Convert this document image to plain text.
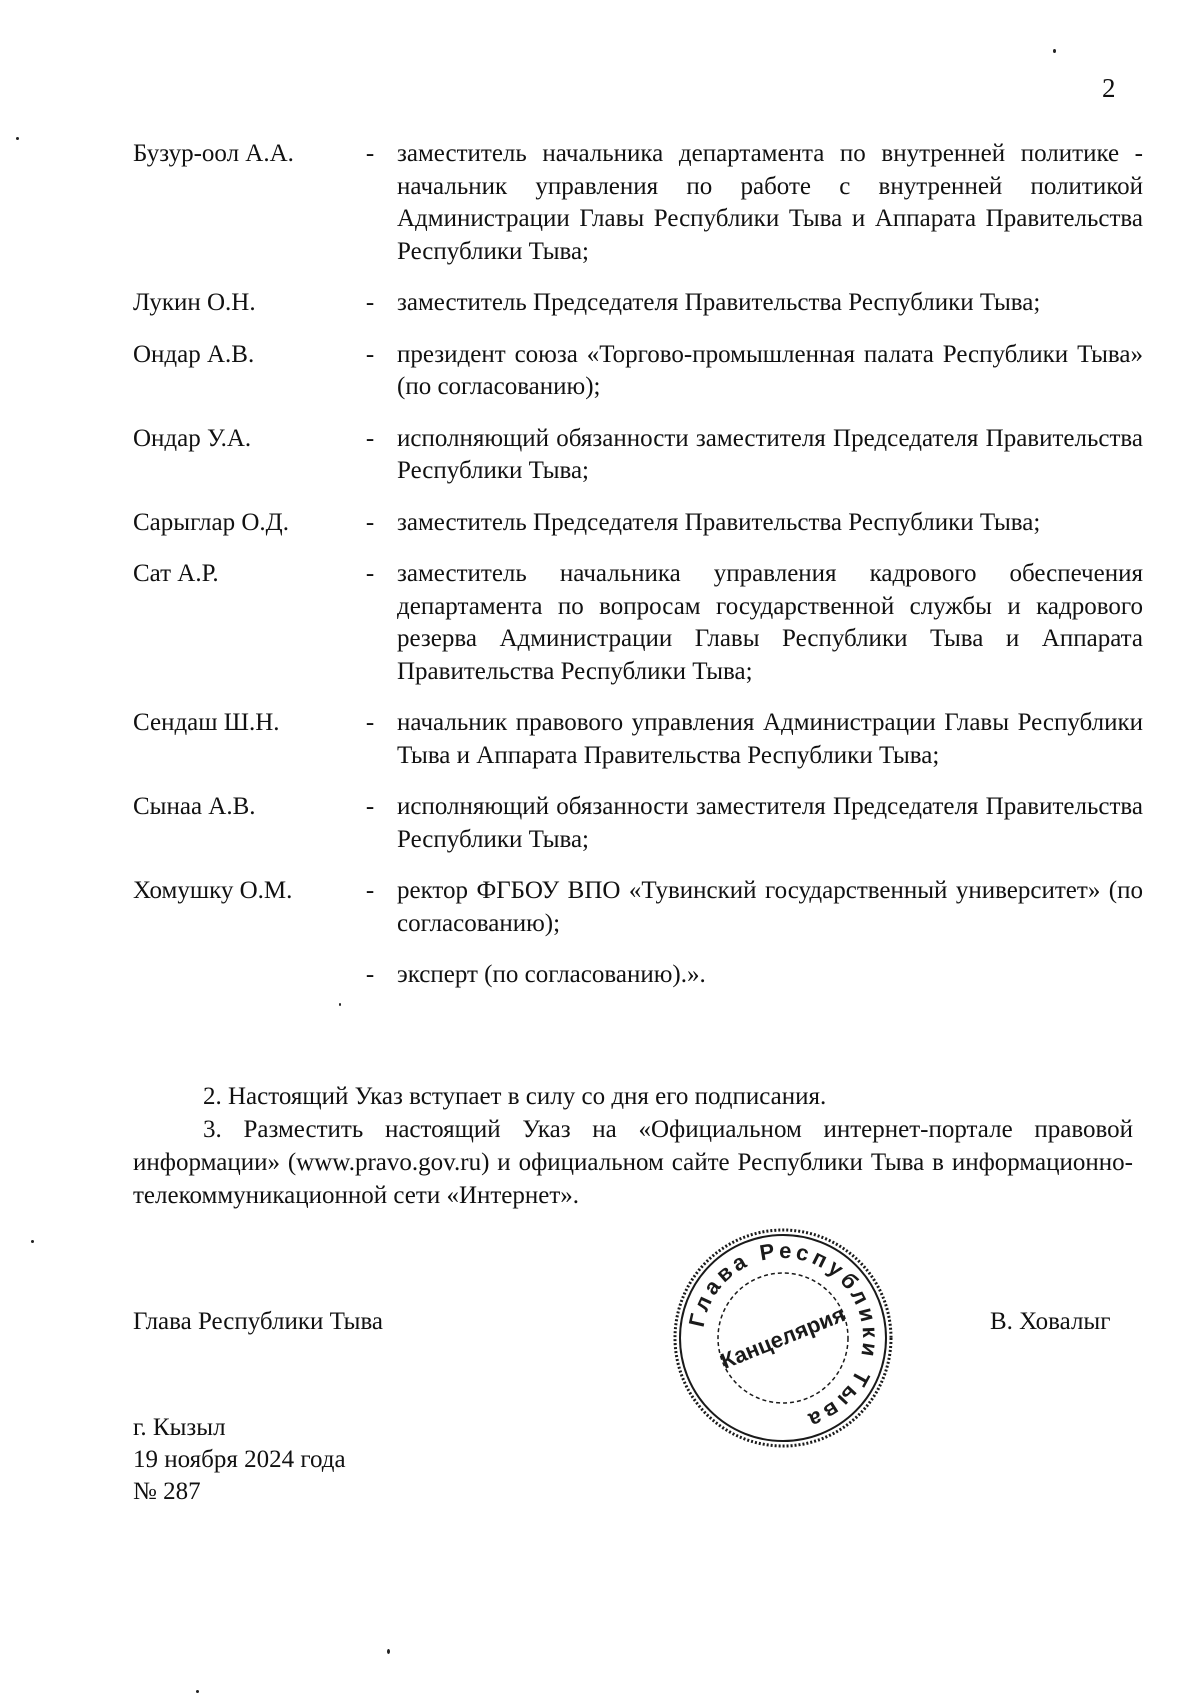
2
Бузур-оол А.А.	- заместитель начальника департамента по внутренней политике - начальник управления по работе с внутренней политикой Администрации Главы Республики Тыва и Аппарата Правительства Республики Тыва;
Лукин О.Н.	- заместитель Председателя Правительства Республики Тыва;
Ондар А.В.	- президент союза «Торгово-промышленная палата Республики Тыва» (по согласованию);
Ондар У.А.	- исполняющий обязанности заместителя Председателя Правительства Республики Тыва;
Сарыглар О.Д.	- заместитель Председателя Правительства Республики Тыва;
Сат А.Р.	- заместитель начальника управления кадрового обеспечения департамента по вопросам государственной службы и кадрового резерва Администрации Главы Республики Тыва и Аппарата Правительства Республики Тыва;
Сендаш Ш.Н.	- начальник правового управления Администрации Главы Республики Тыва и Аппарата Правительства Республики Тыва;
Сынаа А.В.	- исполняющий обязанности заместителя Председателя Правительства Республики Тыва;
Хомушку О.М.	- ректор ФГБОУ ВПО «Тувинский государственный университет» (по согласованию);
- эксперт (по согласованию).».

2. Настоящий Указ вступает в силу со дня его подписания.

3. Разместить настоящий Указ на «Официальном интернет-портале правовой информации» (www.pravo.gov.ru) и официальном сайте Республики Тыва в информационно-телекоммуникационной сети «Интернет».

Глава Республики Тыва	В. Ховалыг
Глава Республики Тыва
Канцелярия
г. Кызыл
19 ноября 2024 года
№ 287
